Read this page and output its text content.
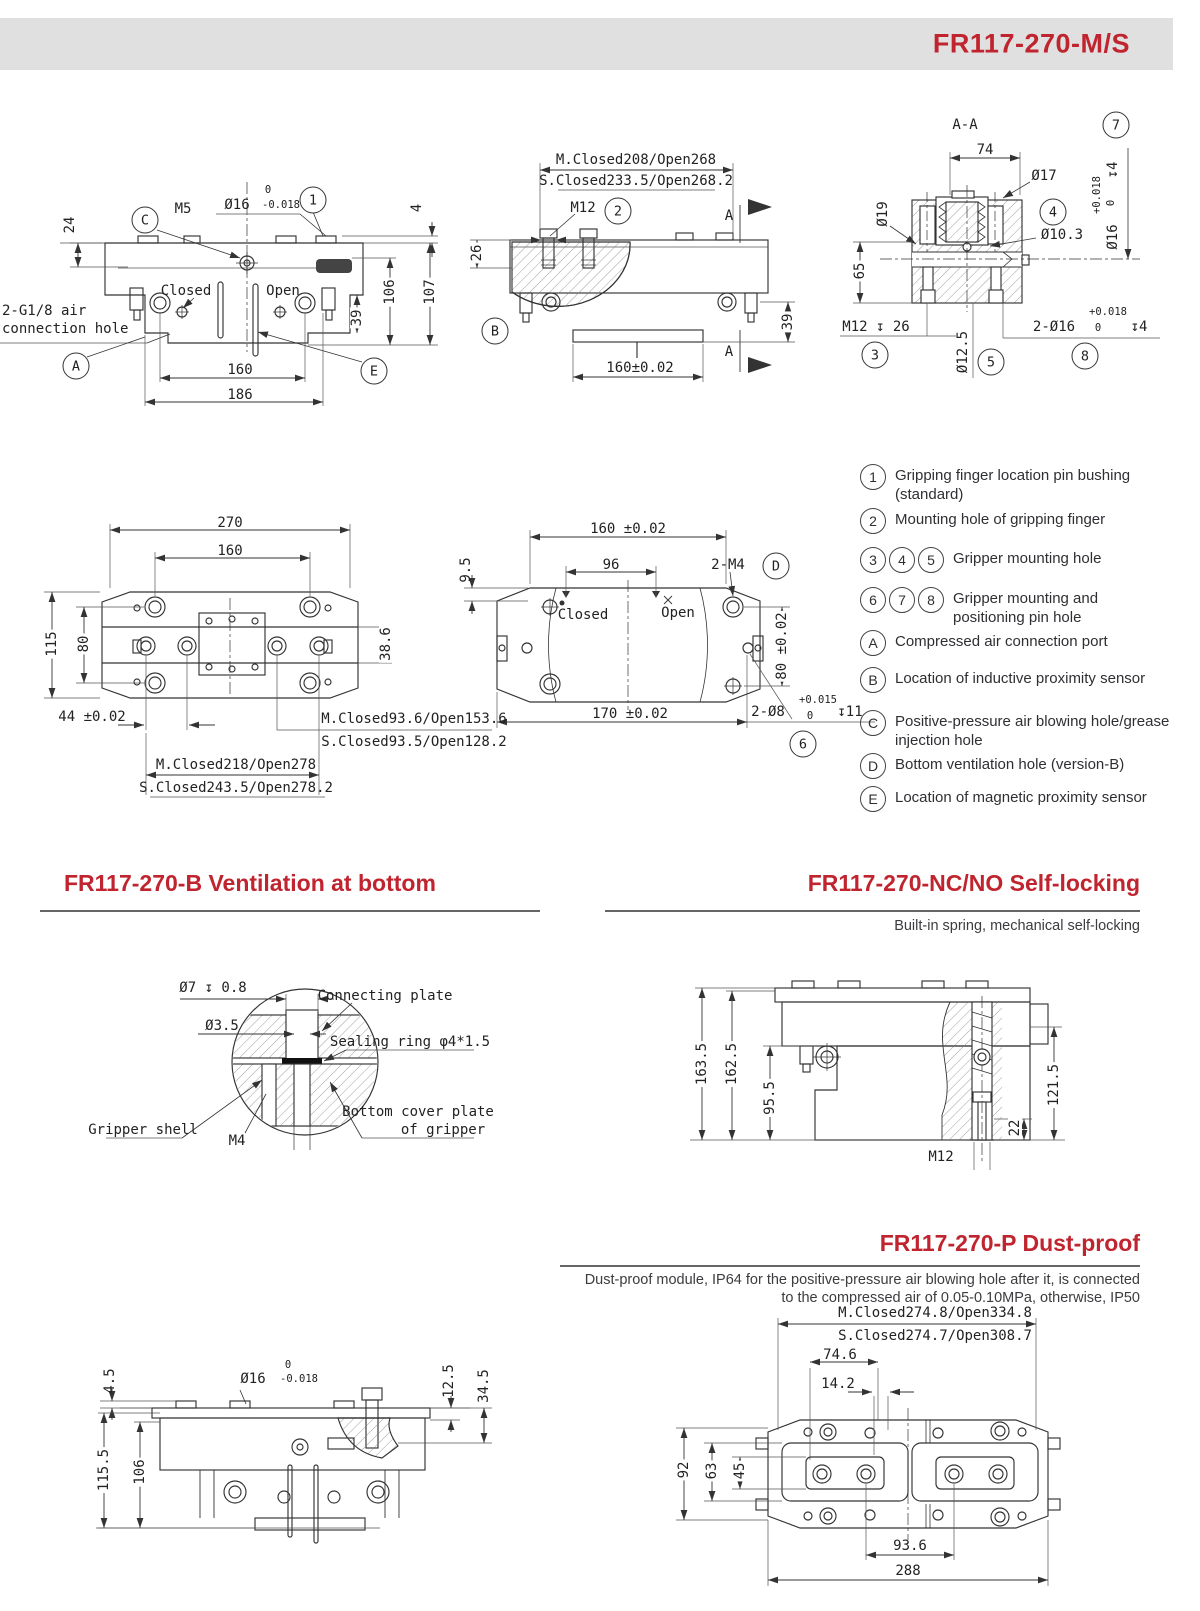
FR117-270-M/S
24	C
M5 Ø16
0
-0.018 1	4
Closed	Open	106 107
39
160
186
2-G1/8 air
connection hole
A	E
M.Closed208/Open268
S.Closed233.5/Open268.2
M12	2
26
A
B
39
160±0.02
A
A-A	7
74
Ø17	↧4
+0.018 0
Ø16
Ø19	4
Ø10.3
65
M12 ↧ 26
3	Ø12.5	5
2-Ø16
+0.018
0 ↧4
8
1	Gripping finger location pin bushing (standard)
2	Mounting hole of gripping finger
3	4	5	Gripper mounting hole
6	7	8	Gripper mounting and positioning pin hole
A	Compressed air connection port
B	Location of inductive proximity sensor
C	Positive-pressure air blowing hole/grease injection hole
D	Bottom ventilation hole (version-B)
E	Location of magnetic proximity sensor
270
160
115 80	38.6
44 ±0.02	M.Closed93.6/Open153.6
S.Closed93.5/Open128.2
M.Closed218/Open278
S.Closed243.5/Open278.2
160 ±0.02
9.5	96	2-M4	D
Closed	Open	80 ±0.02
170 ±0.02	2-Ø8
+0.015
0 ↧11
6
FR117-270-B Ventilation at bottom	FR117-270-NC/NO Self-locking
Built-in spring, mechanical self-locking
Ø7 ↧ 0.8	Connecting plate
Ø3.5
Sealing ring φ4*1.5
Bottom cover plate
of gripper
Gripper shell
M4
163.5 162.5
95.5	121.5
22
M12
FR117-270-P Dust-proof
Dust-proof module, IP64 for the positive-pressure air blowing hole after it, is connected
to the compressed air of 0.05-0.10MPa, otherwise, IP50
4.5	Ø16
0
-0.018	12.5 34.5
115.5 106
M.Closed274.8/Open334.8
S.Closed274.7/Open308.7
74.6
14.2
92 63 45
93.6
288
